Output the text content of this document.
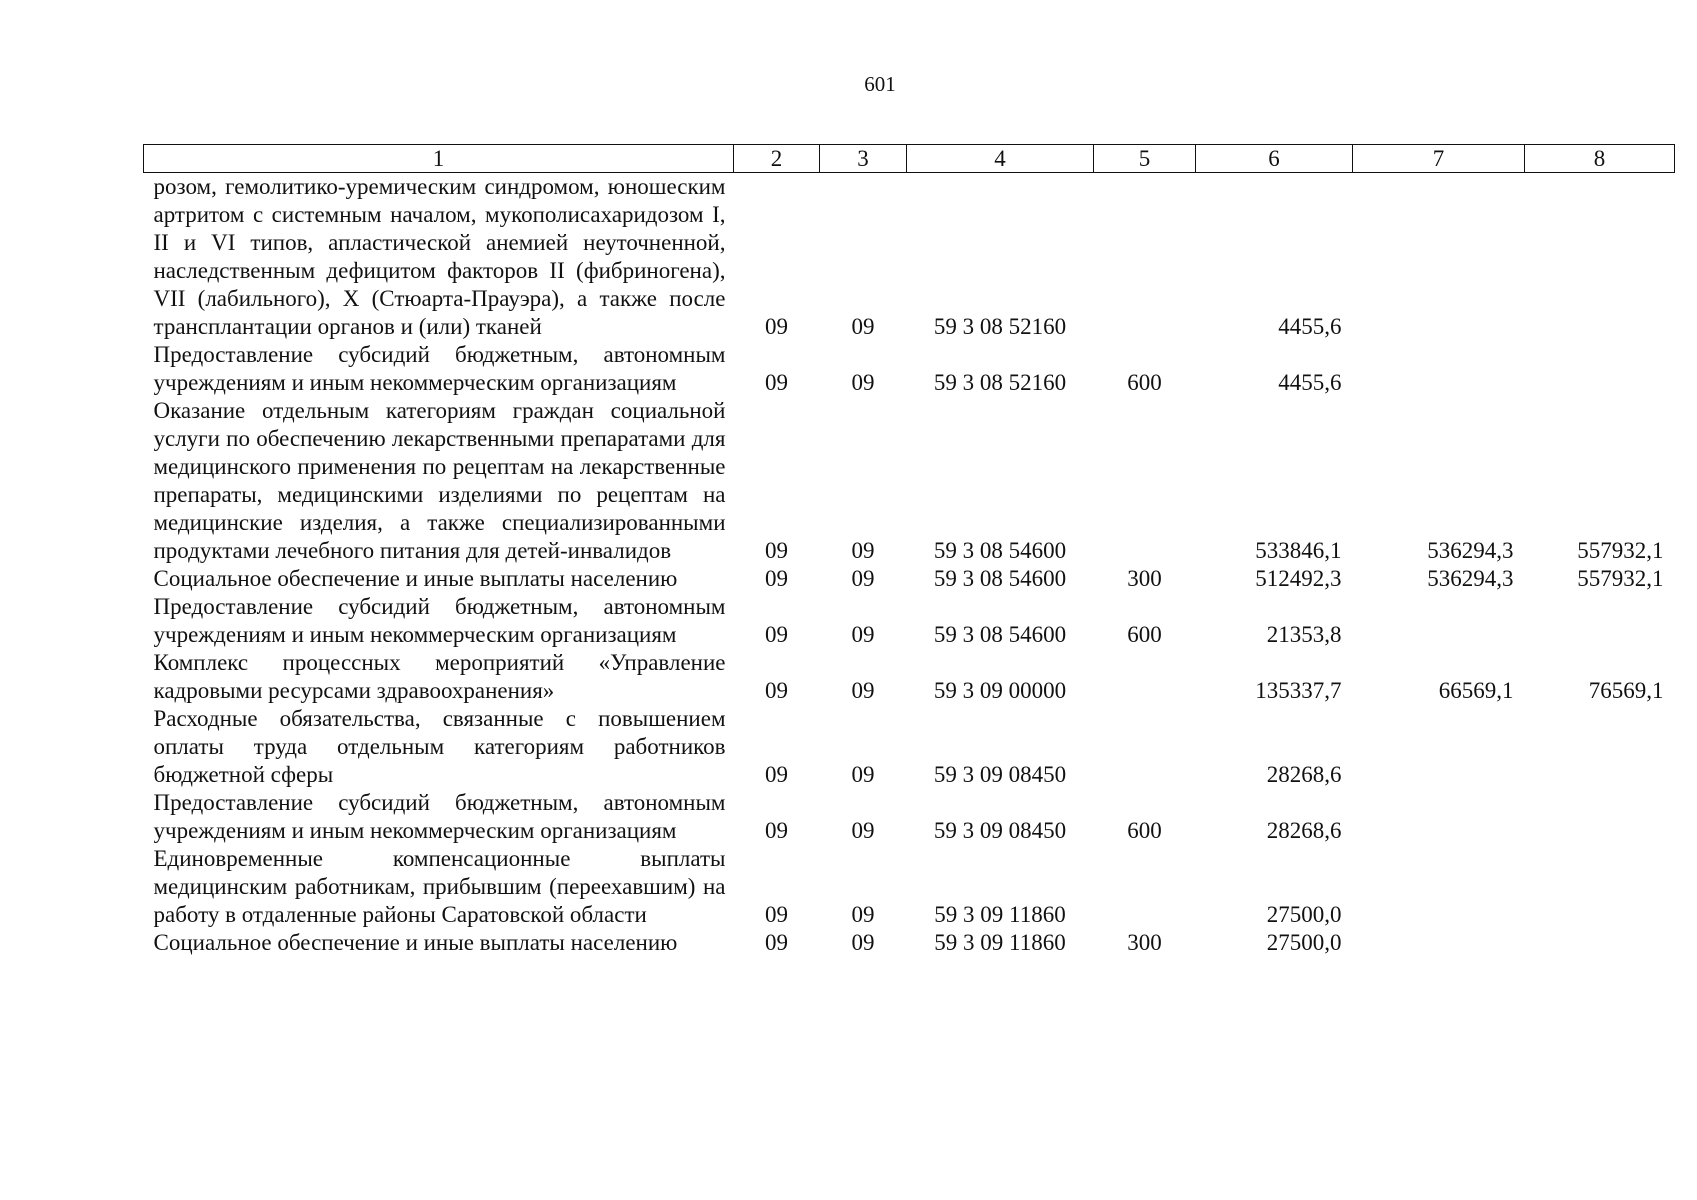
601
1	2	3	4	5	6	7	8
розом, гемолитико-уремическим синдромом, юношеским артритом с системным началом, мукополисахаридозом I, II и VI типов, апластической анемией неуточненной, наследственным дефицитом факторов II (фибриногена), VII (лабильного), X (Стюарта-Прауэра), а также после трансплантации органов и (или) тканей	09	09	59 3 08 52160		4455,6		
Предоставление субсидий бюджетным, автономным учреждениям и иным некоммерческим организациям	09	09	59 3 08 52160	600	4455,6		
Оказание отдельным категориям граждан социальной услуги по обеспечению лекарственными препаратами для медицинского применения по рецептам на лекарственные препараты, медицинскими изделиями по рецептам на медицинские изделия, а также специализированными продуктами лечебного питания для детей-инвалидов	09	09	59 3 08 54600		533846,1	536294,3	557932,1
Социальное обеспечение и иные выплаты населению	09	09	59 3 08 54600	300	512492,3	536294,3	557932,1
Предоставление субсидий бюджетным, автономным учреждениям и иным некоммерческим организациям	09	09	59 3 08 54600	600	21353,8		
Комплекс процессных мероприятий «Управление кадровыми ресурсами здравоохранения»	09	09	59 3 09 00000		135337,7	66569,1	76569,1
Расходные обязательства, связанные с повышением оплаты труда отдельным категориям работников бюджетной сферы	09	09	59 3 09 08450		28268,6		
Предоставление субсидий бюджетным, автономным учреждениям и иным некоммерческим организациям	09	09	59 3 09 08450	600	28268,6		
Единовременные компенсационные выплаты медицинским работникам, прибывшим (переехавшим) на работу в отдаленные районы Саратовской области	09	09	59 3 09 11860		27500,0		
Социальное обеспечение и иные выплаты населению	09	09	59 3 09 11860	300	27500,0		
